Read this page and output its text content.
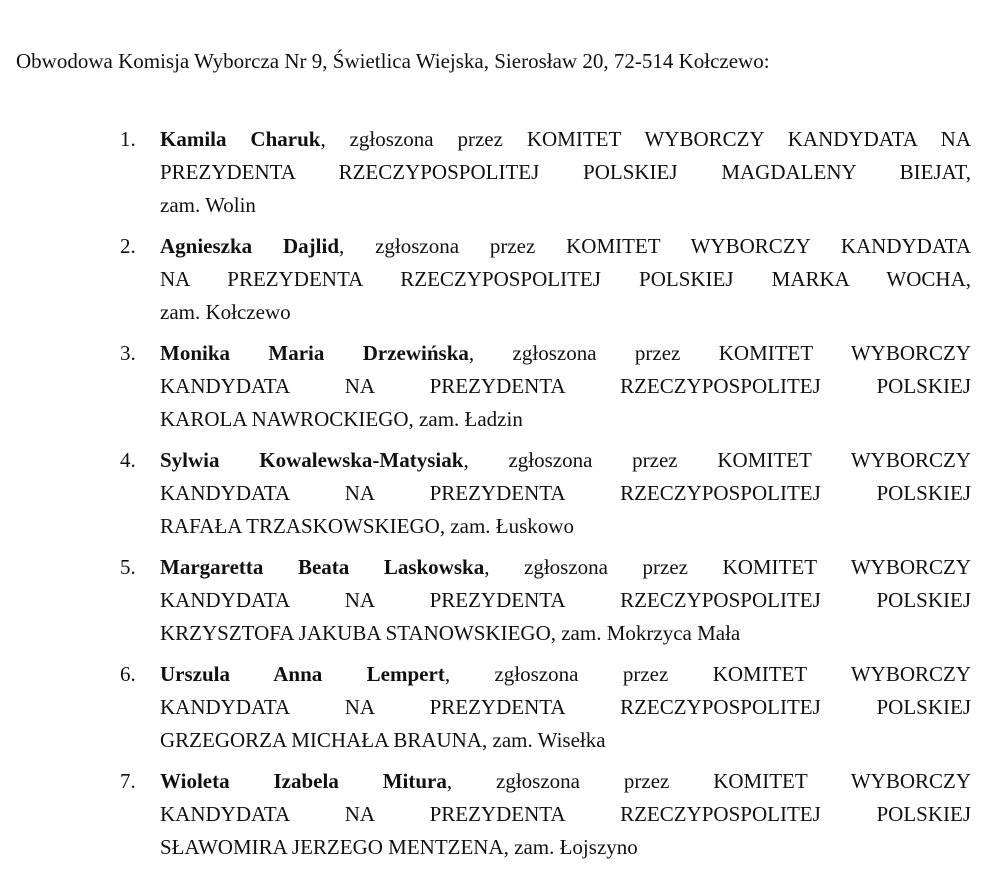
Obwodowa Komisja Wyborcza Nr 9, Świetlica Wiejska, Sierosław 20, 72-514 Kołczewo:
1.	Kamila Charuk, zgłoszona przez KOMITET WYBORCZY KANDYDATA NA
PREZYDENTA RZECZYPOSPOLITEJ POLSKIEJ MAGDALENY BIEJAT,
zam. Wolin
2.	Agnieszka Dajlid, zgłoszona przez KOMITET WYBORCZY KANDYDATA
NA PREZYDENTA RZECZYPOSPOLITEJ POLSKIEJ MARKA WOCHA,
zam. Kołczewo
3.	Monika Maria Drzewińska, zgłoszona przez KOMITET WYBORCZY
KANDYDATA NA PREZYDENTA RZECZYPOSPOLITEJ POLSKIEJ
KAROLA NAWROCKIEGO, zam. Ładzin
4.	Sylwia Kowalewska-Matysiak, zgłoszona przez KOMITET WYBORCZY
KANDYDATA NA PREZYDENTA RZECZYPOSPOLITEJ POLSKIEJ
RAFAŁA TRZASKOWSKIEGO, zam. Łuskowo
5.	Margaretta Beata Laskowska, zgłoszona przez KOMITET WYBORCZY
KANDYDATA NA PREZYDENTA RZECZYPOSPOLITEJ POLSKIEJ
KRZYSZTOFA JAKUBA STANOWSKIEGO, zam. Mokrzyca Mała
6.	Urszula Anna Lempert, zgłoszona przez KOMITET WYBORCZY
KANDYDATA NA PREZYDENTA RZECZYPOSPOLITEJ POLSKIEJ
GRZEGORZA MICHAŁA BRAUNA, zam. Wisełka
7.	Wioleta Izabela Mitura, zgłoszona przez KOMITET WYBORCZY
KANDYDATA NA PREZYDENTA RZECZYPOSPOLITEJ POLSKIEJ
SŁAWOMIRA JERZEGO MENTZENA, zam. Łojszyno
